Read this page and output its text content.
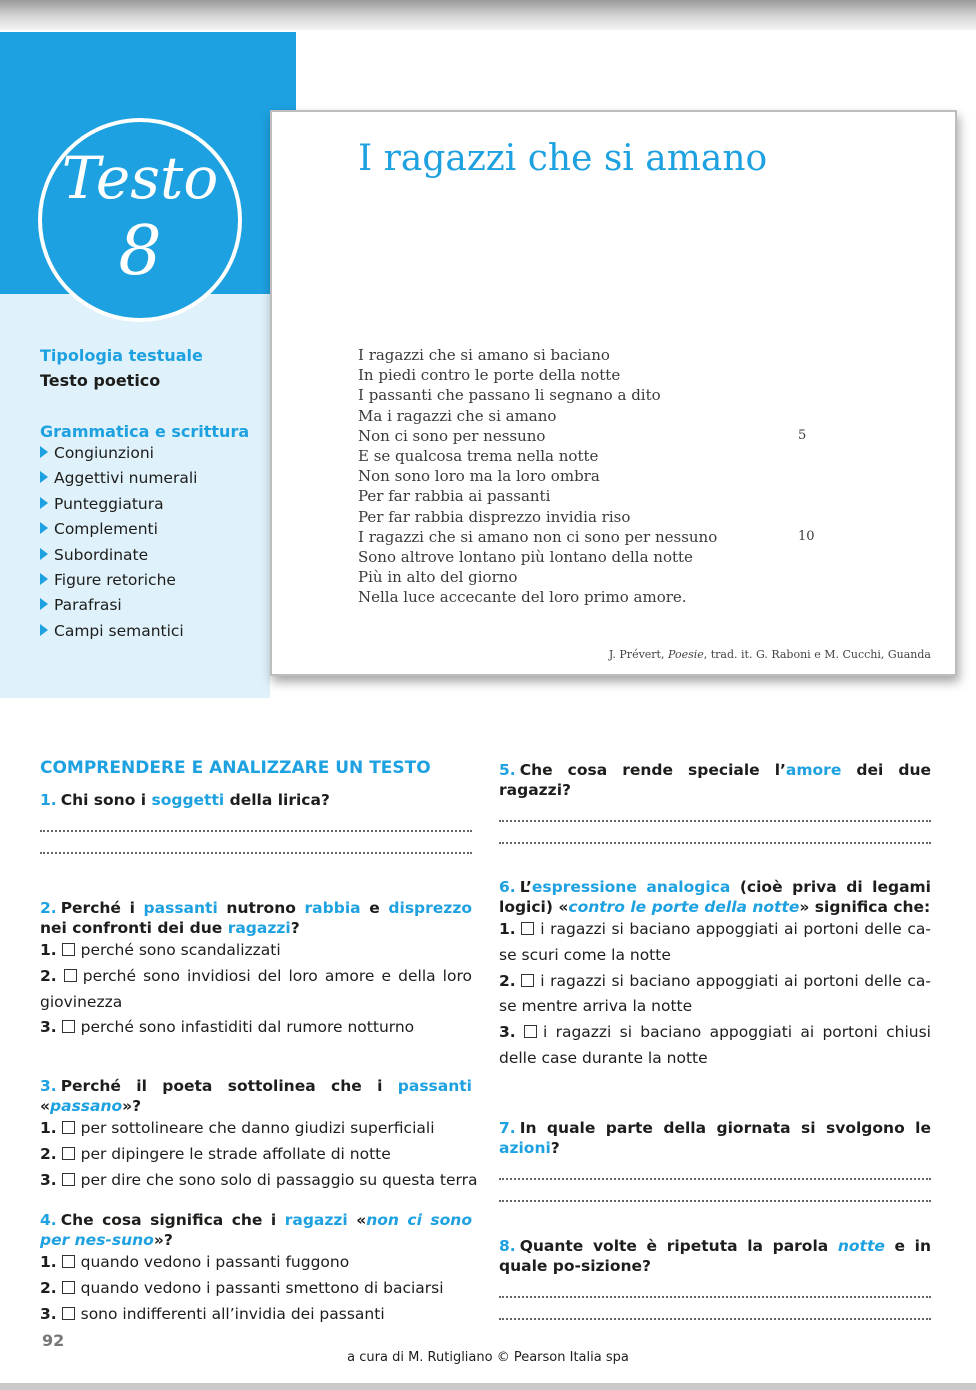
Testo
8
I ragazzi che si amano
I ragazzi che si amano si baciano
In piedi contro le porte della notte
I passanti che passano li segnano a dito
Ma i ragazzi che si amano
Non ci sono per nessuno	5
E se qualcosa trema nella notte
Non sono loro ma la loro ombra
Per far rabbia ai passanti
Per far rabbia disprezzo invidia riso
I ragazzi che si amano non ci sono per nessuno	10
Sono altrove lontano più lontano della notte
Più in alto del giorno
Nella luce accecante del loro primo amore.
J. Prévert, Poesie, trad. it. G. Raboni e M. Cucchi, Guanda
Tipologia testuale
Testo poetico
Grammatica e scrittura
Congiunzioni
Aggettivi numerali
Punteggiatura
Complementi
Subordinate
Figure retoriche
Parafrasi
Campi semantici
COMPRENDERE E ANALIZZARE UN TESTO
1. Chi sono i soggetti della lirica?
2. Perché i passanti nutrono rabbia e disprezzo nei confronti dei due ragazzi?
1. perché sono scandalizzati
2. perché sono invidiosi del loro amore e della loro giovinezza
3. perché sono infastiditi dal rumore notturno
3. Perché il poeta sottolinea che i passanti «passano»?
1. per sottolineare che danno giudizi superficiali
2. per dipingere le strade affollate di notte
3. per dire che sono solo di passaggio su questa terra
4. Che cosa significa che i ragazzi «non ci sono per nes-suno»?
1. quando vedono i passanti fuggono
2. quando vedono i passanti smettono di baciarsi
3. sono indifferenti all’invidia dei passanti
5. Che cosa rende speciale l’amore dei due ragazzi?
6. L’espressione analogica (cioè priva di legami logici) «contro le porte della notte» significa che:
1. i ragazzi si baciano appoggiati ai portoni delle ca-se scuri come la notte
2. i ragazzi si baciano appoggiati ai portoni delle ca-se mentre arriva la notte
3. i ragazzi si baciano appoggiati ai portoni chiusi delle case durante la notte
7. In quale parte della giornata si svolgono le azioni?
8. Quante volte è ripetuta la parola notte e in quale po-sizione?
92
a cura di M. Rutigliano © Pearson Italia spa
